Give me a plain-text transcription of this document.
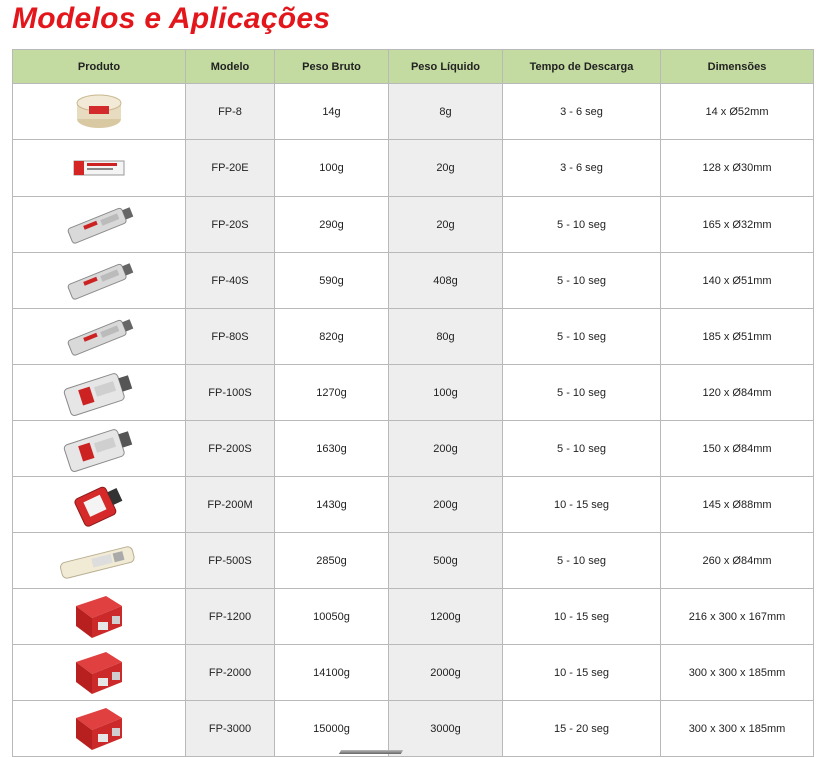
Modelos e Aplicações
Produto	Modelo	Peso Bruto	Peso Líquido	Tempo de Descarga	Dimensões

	FP-8	14g	8g	3 - 6 seg	14 x Ø52mm

	FP-20E	100g	20g	3 - 6 seg	128 x Ø30mm

	FP-20S	290g	20g	5 - 10 seg	165 x Ø32mm

	FP-40S	590g	408g	5 - 10 seg	140 x Ø51mm

	FP-80S	820g	80g	5 - 10 seg	185 x Ø51mm

	FP-100S	1270g	100g	5 - 10 seg	120 x Ø84mm

	FP-200S	1630g	200g	5 - 10 seg	150 x Ø84mm

	FP-200M	1430g	200g	10 - 15 seg	145 x Ø88mm

	FP-500S	2850g	500g	5 - 10 seg	260 x Ø84mm

	FP-1200	10050g	1200g	10 - 15 seg	216 x 300 x 167mm

	FP-2000	14100g	2000g	10 - 15 seg	300 x 300 x 185mm

	FP-3000	15000g	3000g	15 - 20 seg	300 x 300 x 185mm
